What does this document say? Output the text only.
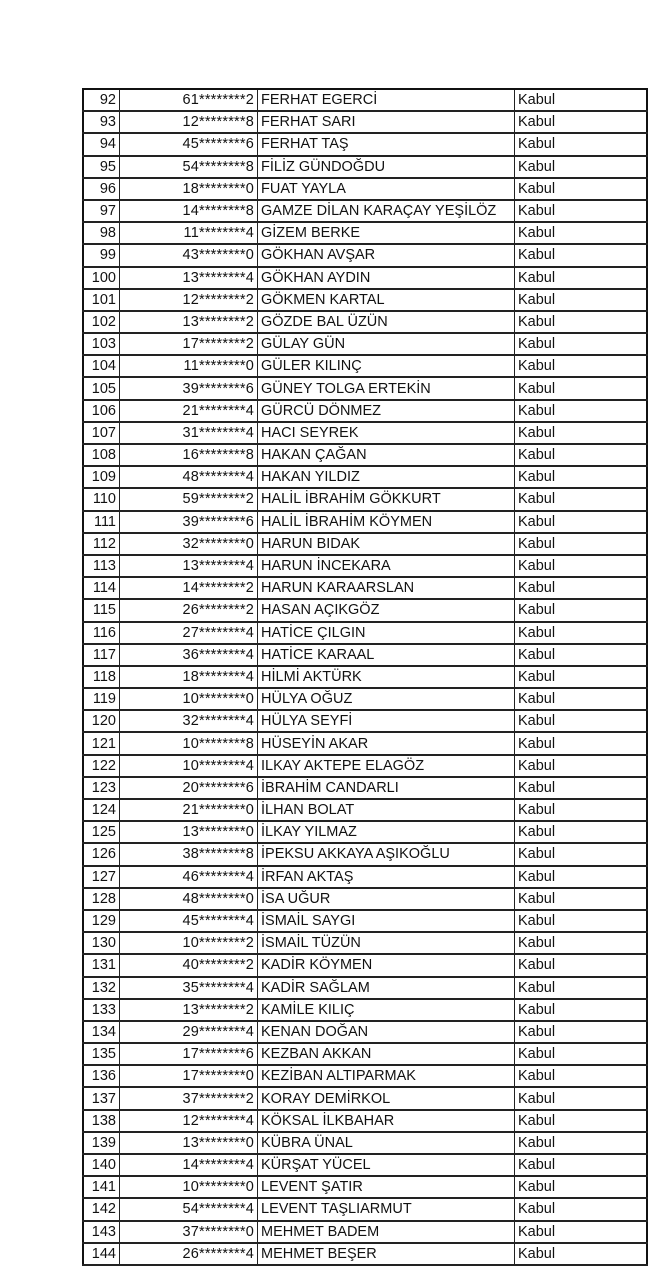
92	61********2	FERHAT EGERCİ	Kabul
93	12********8	FERHAT SARI	Kabul
94	45********6	FERHAT TAŞ	Kabul
95	54********8	FİLİZ GÜNDOĞDU	Kabul
96	18********0	FUAT YAYLA	Kabul
97	14********8	GAMZE DİLAN KARAÇAY YEŞİLÖZ	Kabul
98	11********4	GİZEM BERKE	Kabul
99	43********0	GÖKHAN AVŞAR	Kabul
100	13********4	GÖKHAN AYDIN	Kabul
101	12********2	GÖKMEN KARTAL	Kabul
102	13********2	GÖZDE BAL ÜZÜN	Kabul
103	17********2	GÜLAY GÜN	Kabul
104	11********0	GÜLER KILINÇ	Kabul
105	39********6	GÜNEY TOLGA ERTEKİN	Kabul
106	21********4	GÜRCÜ DÖNMEZ	Kabul
107	31********4	HACI SEYREK	Kabul
108	16********8	HAKAN ÇAĞAN	Kabul
109	48********4	HAKAN YILDIZ	Kabul
110	59********2	HALİL İBRAHİM GÖKKURT	Kabul
111	39********6	HALİL İBRAHİM KÖYMEN	Kabul
112	32********0	HARUN BIDAK	Kabul
113	13********4	HARUN İNCEKARA	Kabul
114	14********2	HARUN KARAARSLAN	Kabul
115	26********2	HASAN AÇIKGÖZ	Kabul
116	27********4	HATİCE ÇILGIN	Kabul
117	36********4	HATİCE KARAAL	Kabul
118	18********4	HİLMİ AKTÜRK	Kabul
119	10********0	HÜLYA OĞUZ	Kabul
120	32********4	HÜLYA SEYFİ	Kabul
121	10********8	HÜSEYİN AKAR	Kabul
122	10********4	ILKAY AKTEPE ELAGÖZ	Kabul
123	20********6	İBRAHİM CANDARLI	Kabul
124	21********0	İLHAN BOLAT	Kabul
125	13********0	İLKAY YILMAZ	Kabul
126	38********8	İPEKSU AKKAYA AŞIKOĞLU	Kabul
127	46********4	İRFAN AKTAŞ	Kabul
128	48********0	İSA UĞUR	Kabul
129	45********4	İSMAİL SAYGI	Kabul
130	10********2	İSMAİL TÜZÜN	Kabul
131	40********2	KADİR KÖYMEN	Kabul
132	35********4	KADİR SAĞLAM	Kabul
133	13********2	KAMİLE KILIÇ	Kabul
134	29********4	KENAN DOĞAN	Kabul
135	17********6	KEZBAN AKKAN	Kabul
136	17********0	KEZİBAN ALTIPARMAK	Kabul
137	37********2	KORAY DEMİRKOL	Kabul
138	12********4	KÖKSAL İLKBAHAR	Kabul
139	13********0	KÜBRA ÜNAL	Kabul
140	14********4	KÜRŞAT YÜCEL	Kabul
141	10********0	LEVENT ŞATIR	Kabul
142	54********4	LEVENT TAŞLIARMUT	Kabul
143	37********0	MEHMET BADEM	Kabul
144	26********4	MEHMET BEŞER	Kabul
